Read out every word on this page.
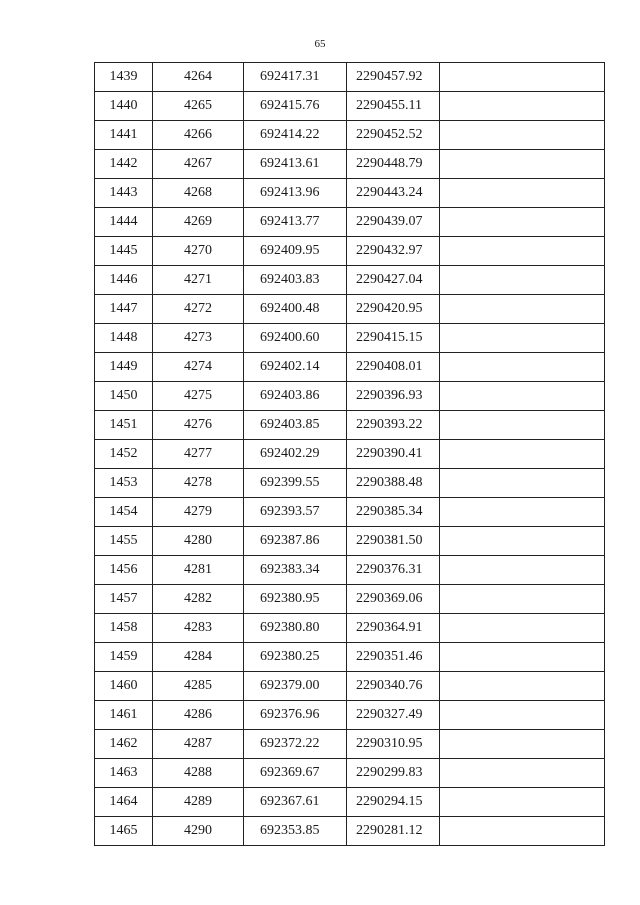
65
1439	4264	692417.31	2290457.92	
1440	4265	692415.76	2290455.11	
1441	4266	692414.22	2290452.52	
1442	4267	692413.61	2290448.79	
1443	4268	692413.96	2290443.24	
1444	4269	692413.77	2290439.07	
1445	4270	692409.95	2290432.97	
1446	4271	692403.83	2290427.04	
1447	4272	692400.48	2290420.95	
1448	4273	692400.60	2290415.15	
1449	4274	692402.14	2290408.01	
1450	4275	692403.86	2290396.93	
1451	4276	692403.85	2290393.22	
1452	4277	692402.29	2290390.41	
1453	4278	692399.55	2290388.48	
1454	4279	692393.57	2290385.34	
1455	4280	692387.86	2290381.50	
1456	4281	692383.34	2290376.31	
1457	4282	692380.95	2290369.06	
1458	4283	692380.80	2290364.91	
1459	4284	692380.25	2290351.46	
1460	4285	692379.00	2290340.76	
1461	4286	692376.96	2290327.49	
1462	4287	692372.22	2290310.95	
1463	4288	692369.67	2290299.83	
1464	4289	692367.61	2290294.15	
1465	4290	692353.85	2290281.12	
